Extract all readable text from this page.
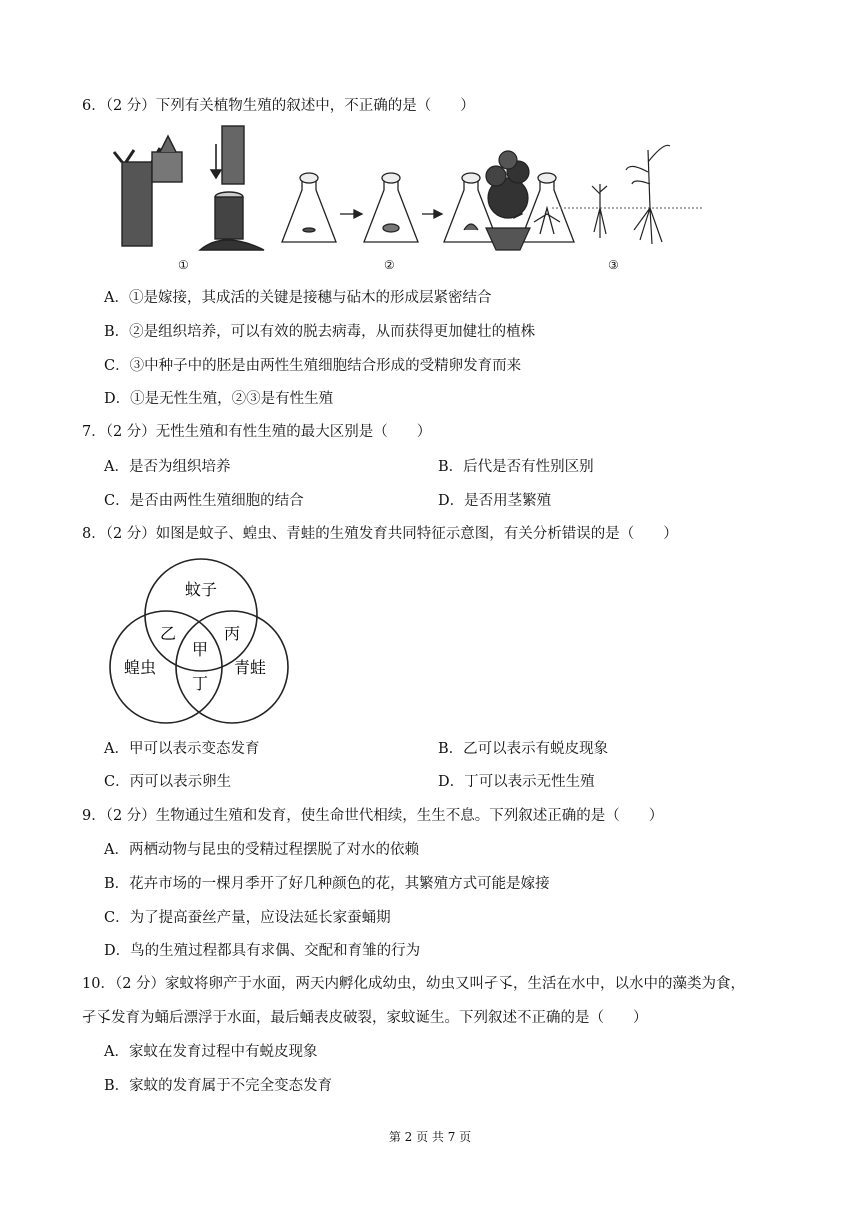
6．（2 分）下列有关植物生殖的叙述中，不正确的是（　　）
①	②	③
A．①是嫁接，其成活的关键是接穗与砧木的形成层紧密结合
B．②是组织培养，可以有效的脱去病毒，从而获得更加健壮的植株
C．③中种子中的胚是由两性生殖细胞结合形成的受精卵发育而来
D．①是无性生殖，②③是有性生殖
7．（2 分）无性生殖和有性生殖的最大区别是（　　）
A．是否为组织培养	B．后代是否有性别区别
C．是否由两性生殖细胞的结合	D．是否用茎繁殖
8．（2 分）如图是蚊子、蝗虫、青蛙的生殖发育共同特征示意图，有关分析错误的是（　　）
蚊子
蝗虫	青蛙
乙
甲
丙
丁
A．甲可以表示变态发育	B．乙可以表示有蜕皮现象
C．丙可以表示卵生	D．丁可以表示无性生殖
9．（2 分）生物通过生殖和发育，使生命世代相续，生生不息。下列叙述正确的是（　　）
A．两栖动物与昆虫的受精过程摆脱了对水的依赖
B．花卉市场的一棵月季开了好几种颜色的花，其繁殖方式可能是嫁接
C．为了提高蚕丝产量，应设法延长家蚕蛹期
D．鸟的生殖过程都具有求偶、交配和育雏的行为
10．（2 分）家蚊将卵产于水面，两天内孵化成幼虫，幼虫又叫孑孓，生活在水中，以水中的藻类为食，
孑孓发育为蛹后漂浮于水面，最后蛹表皮破裂，家蚊诞生。下列叙述不正确的是（　　）
A．家蚊在发育过程中有蜕皮现象
B．家蚊的发育属于不完全变态发育
第 2 页 共 7 页
